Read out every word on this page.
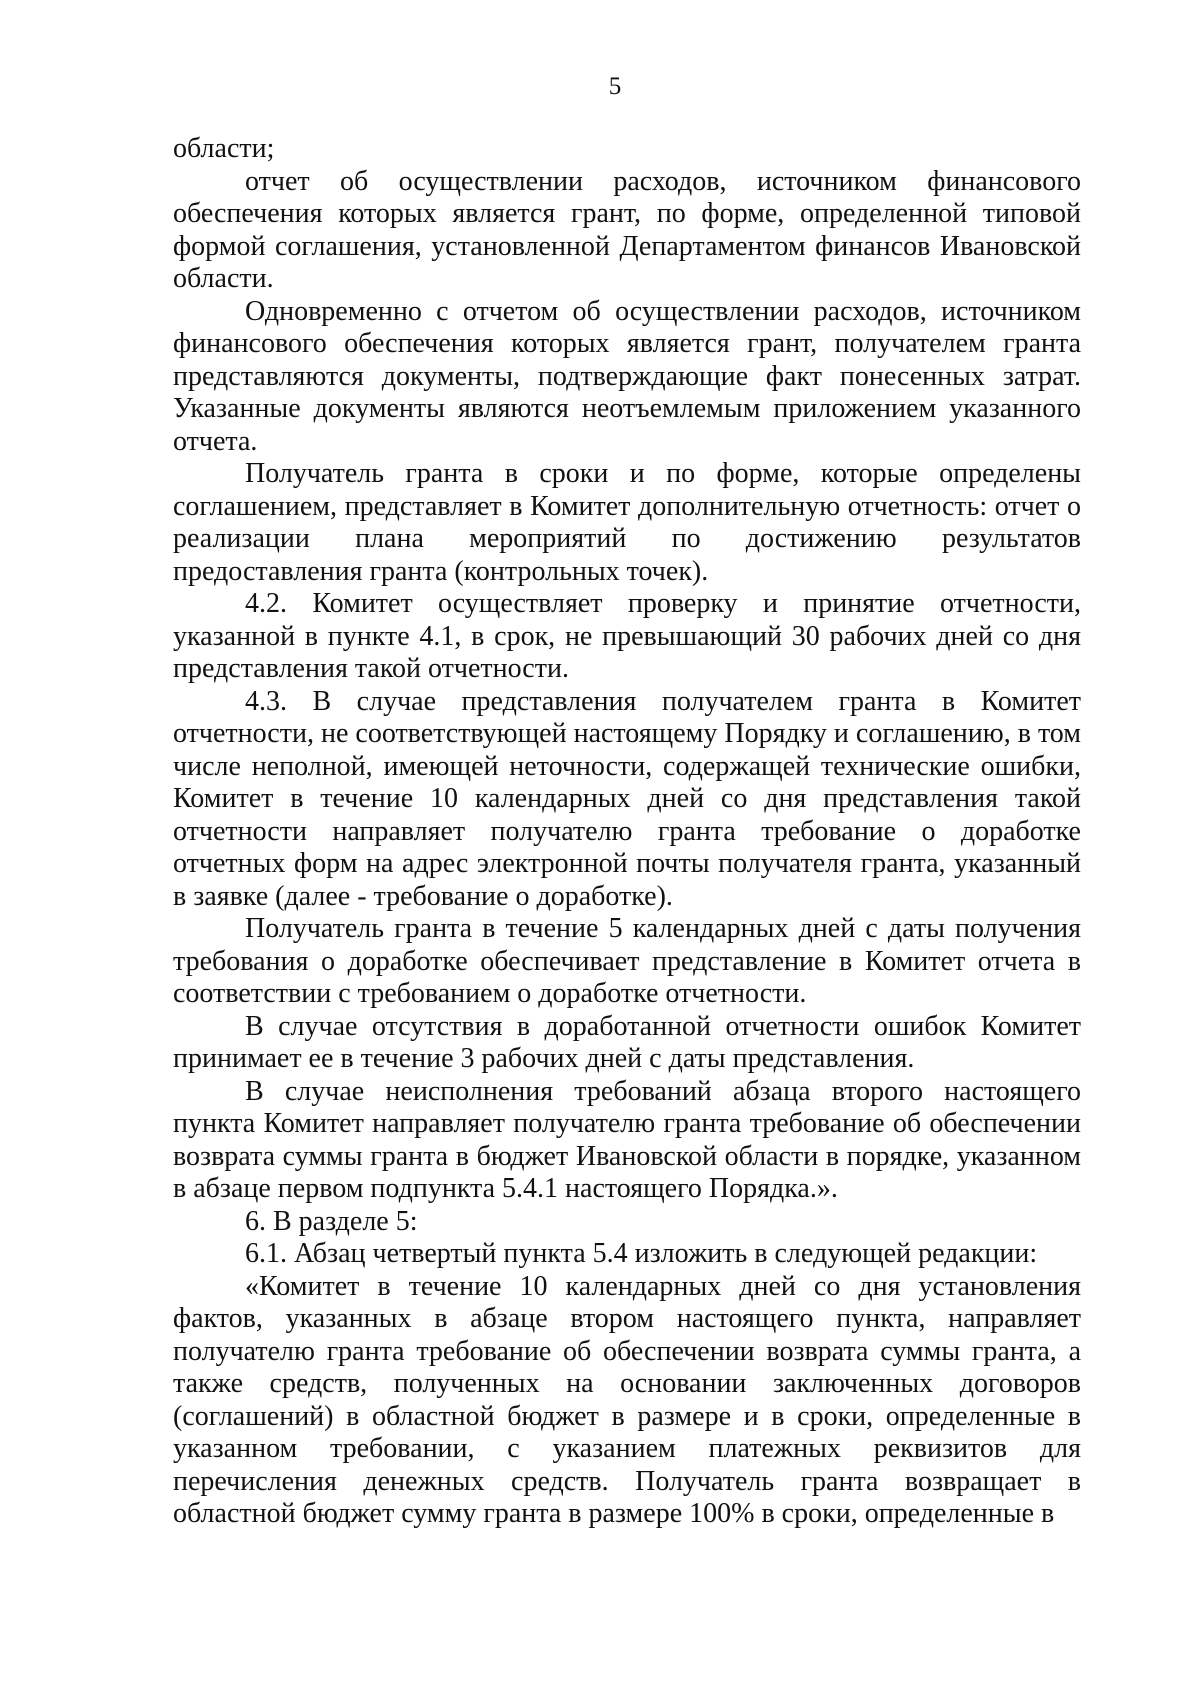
5

области;

отчет об осуществлении расходов, источником финансового обеспечения которых является грант, по форме, определенной типовой формой соглашения, установленной Департаментом финансов Ивановской области.

Одновременно с отчетом об осуществлении расходов, источником финансового обеспечения которых является грант, получателем гранта представляются документы, подтверждающие факт понесенных затрат. Указанные документы являются неотъемлемым приложением указанного отчета.

Получатель гранта в сроки и по форме, которые определены соглашением, представляет в Комитет дополнительную отчетность: отчет о реализации плана мероприятий по достижению результатов предоставления гранта (контрольных точек).

4.2. Комитет осуществляет проверку и принятие отчетности, указанной в пункте 4.1, в срок, не превышающий 30 рабочих дней со дня представления такой отчетности.

4.3. В случае представления получателем гранта в Комитет отчетности, не соответствующей настоящему Порядку и соглашению, в том числе неполной, имеющей неточности, содержащей технические ошибки, Комитет в течение 10 календарных дней со дня представления такой отчетности направляет получателю гранта требование о доработке отчетных форм на адрес электронной почты получателя гранта, указанный в заявке (далее - требование о доработке).

Получатель гранта в течение 5 календарных дней с даты получения требования о доработке обеспечивает представление в Комитет отчета в соответствии с требованием о доработке отчетности.

В случае отсутствия в доработанной отчетности ошибок Комитет принимает ее в течение 3 рабочих дней с даты представления.

В случае неисполнения требований абзаца второго настоящего пункта Комитет направляет получателю гранта требование об обеспечении возврата суммы гранта в бюджет Ивановской области в порядке, указанном в абзаце первом подпункта 5.4.1 настоящего Порядка.».

6. В разделе 5:

6.1. Абзац четвертый пункта 5.4 изложить в следующей редакции:

«Комитет в течение 10 календарных дней со дня установления фактов, указанных в абзаце втором настоящего пункта, направляет получателю гранта требование об обеспечении возврата суммы гранта, а также средств, полученных на основании заключенных договоров (соглашений) в областной бюджет в размере и в сроки, определенные в указанном требовании, с указанием платежных реквизитов для перечисления денежных средств. Получатель гранта возвращает в областной бюджет сумму гранта в размере 100% в сроки, определенные в
